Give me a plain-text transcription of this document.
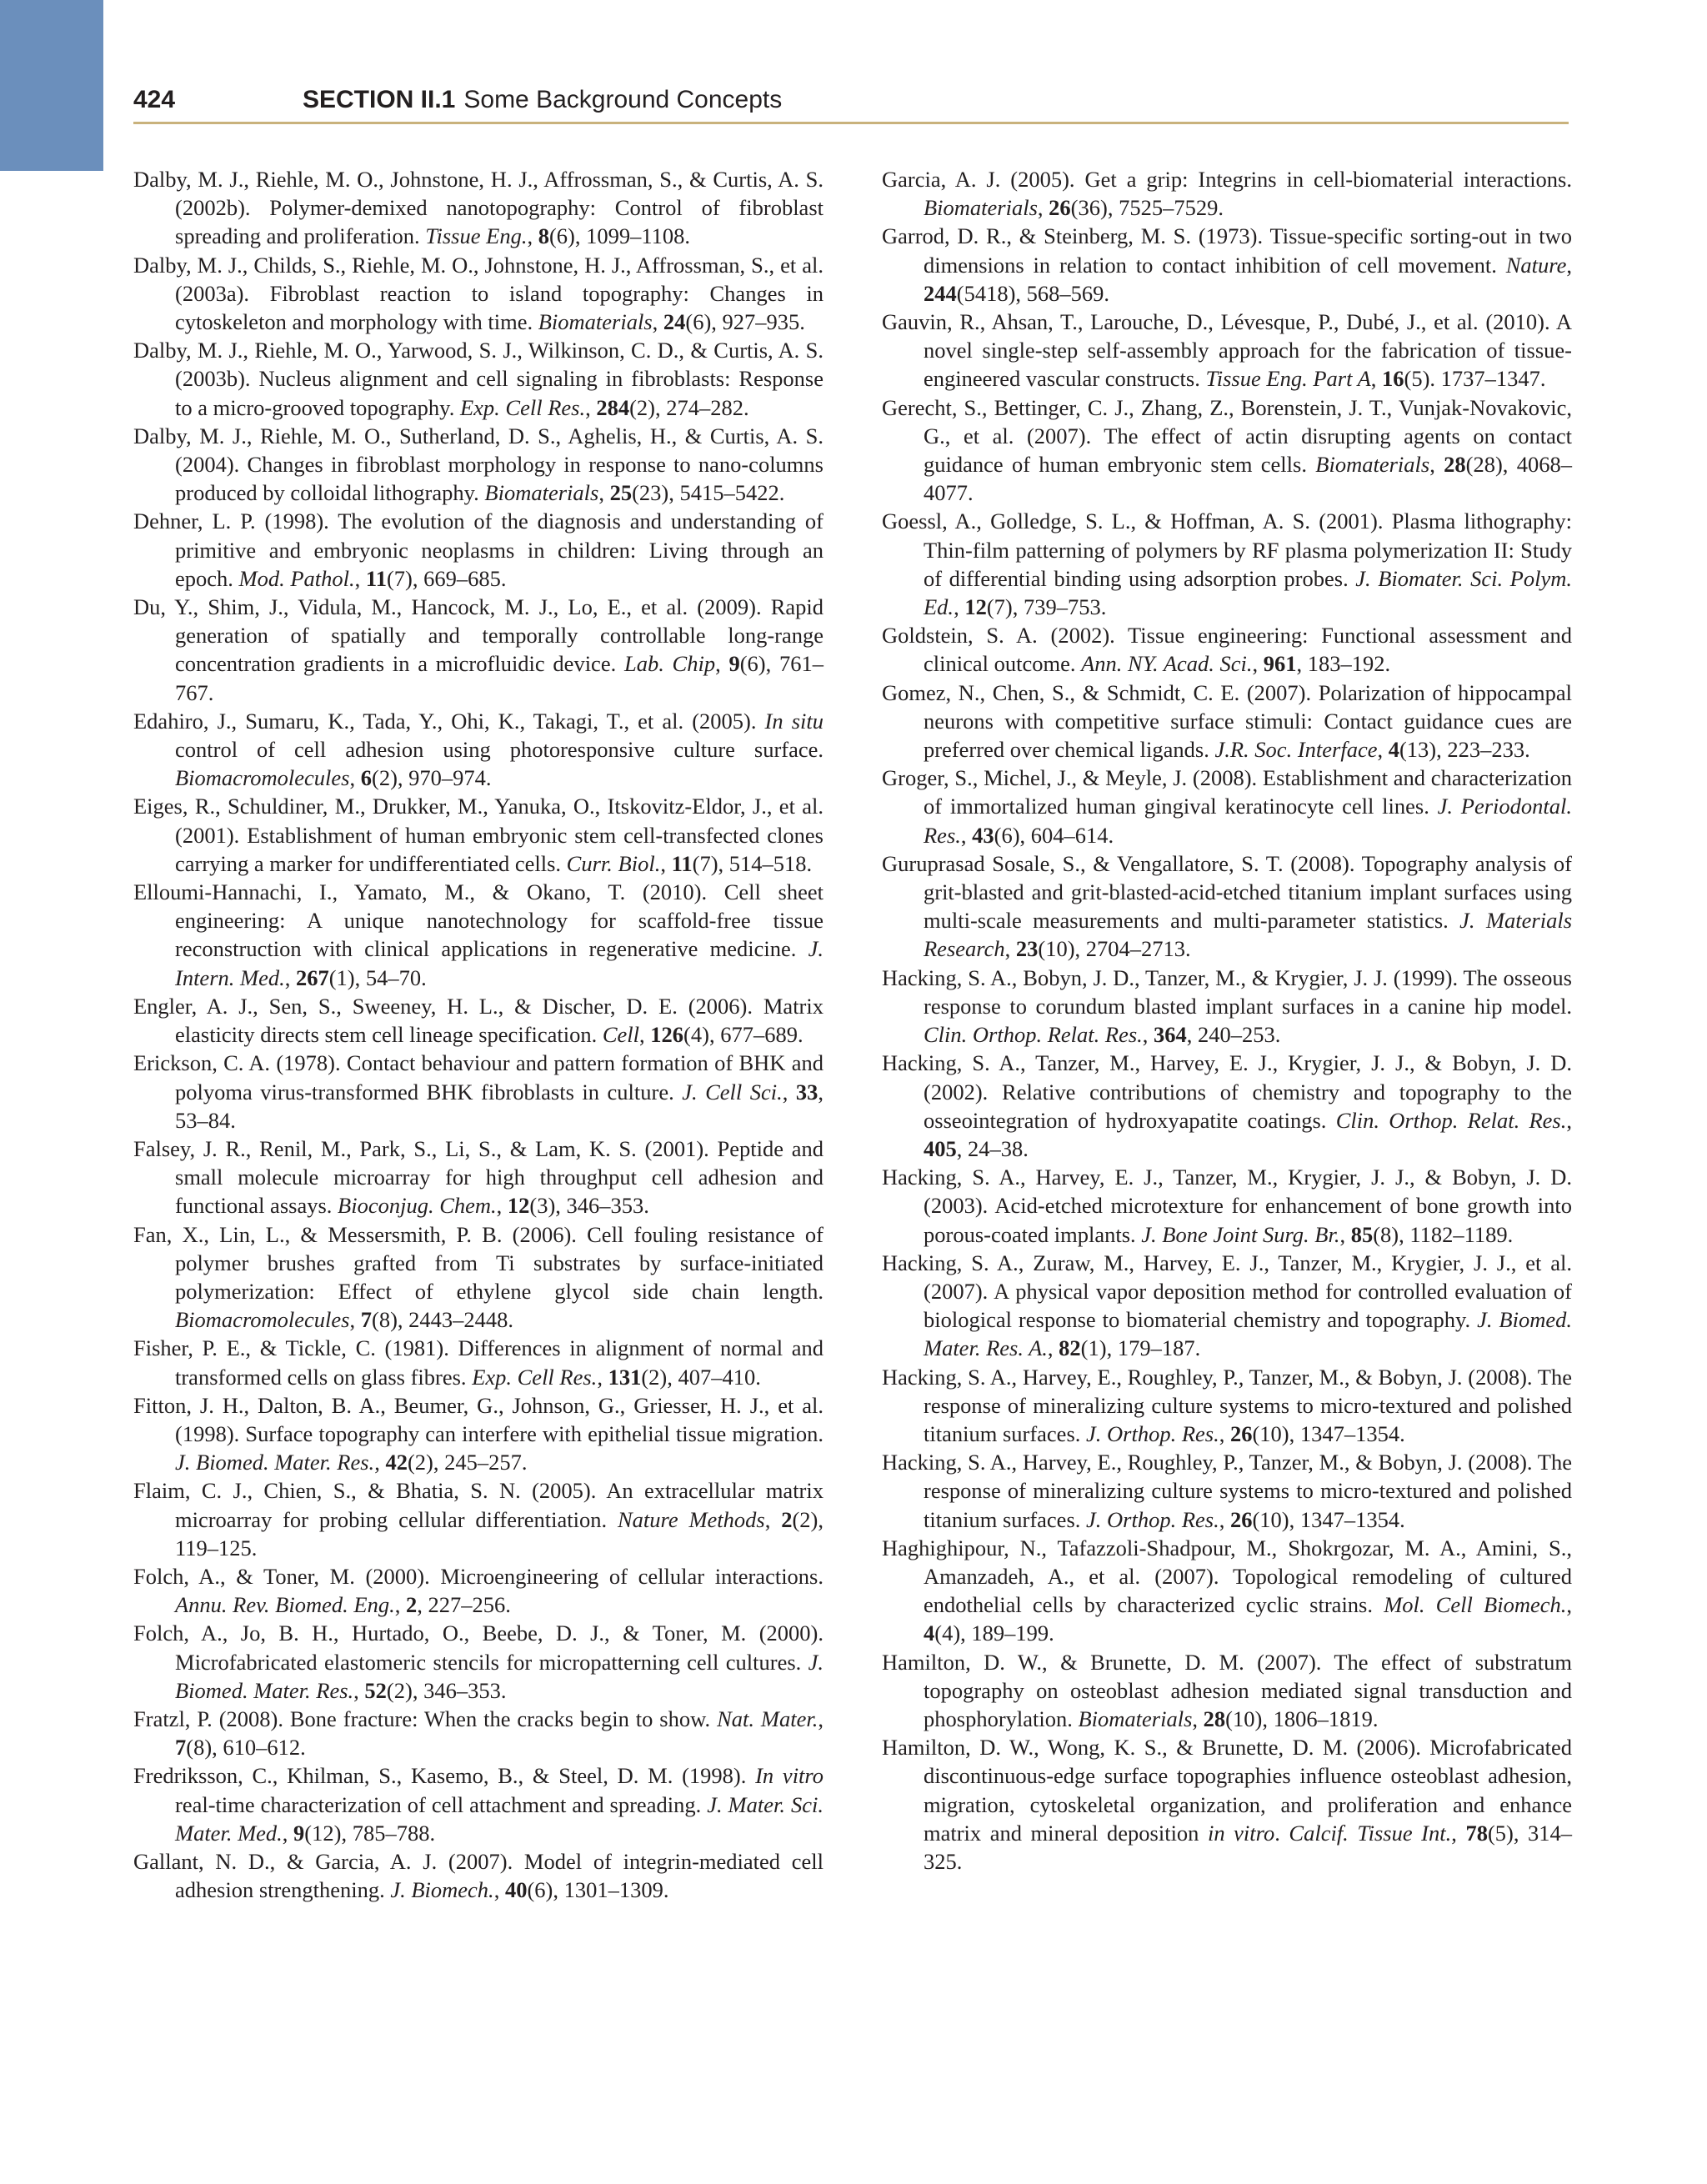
424	SECTION II.1 Some Background Concepts

Dalby, M. J., Riehle, M. O., Johnstone, H. J., Affrossman, S., & Curtis, A. S. (2002b). Polymer-demixed nanotopography: Control of fibroblast spreading and proliferation. Tissue Eng., 8(6), 1099–1108.

Dalby, M. J., Childs, S., Riehle, M. O., Johnstone, H. J., Affrossman, S., et al. (2003a). Fibroblast reaction to island topography: Changes in cytoskeleton and morphology with time. Biomaterials, 24(6), 927–935.

Dalby, M. J., Riehle, M. O., Yarwood, S. J., Wilkinson, C. D., & Curtis, A. S. (2003b). Nucleus alignment and cell signaling in fibroblasts: Response to a micro-grooved topography. Exp. Cell Res., 284(2), 274–282.

Dalby, M. J., Riehle, M. O., Sutherland, D. S., Aghelis, H., & Curtis, A. S. (2004). Changes in fibroblast morphology in response to nano-columns produced by colloidal lithography. Biomaterials, 25(23), 5415–5422.

Dehner, L. P. (1998). The evolution of the diagnosis and understanding of primitive and embryonic neoplasms in children: Living through an epoch. Mod. Pathol., 11(7), 669–685.

Du, Y., Shim, J., Vidula, M., Hancock, M. J., Lo, E., et al. (2009). Rapid generation of spatially and temporally controllable long-range concentration gradients in a microfluidic device. Lab. Chip, 9(6), 761–767.

Edahiro, J., Sumaru, K., Tada, Y., Ohi, K., Takagi, T., et al. (2005). In situ control of cell adhesion using photoresponsive culture surface. Biomacromolecules, 6(2), 970–974.

Eiges, R., Schuldiner, M., Drukker, M., Yanuka, O., Itskovitz-Eldor, J., et al. (2001). Establishment of human embryonic stem cell-transfected clones carrying a marker for undifferentiated cells. Curr. Biol., 11(7), 514–518.

Elloumi-Hannachi, I., Yamato, M., & Okano, T. (2010). Cell sheet engineering: A unique nanotechnology for scaffold-free tissue reconstruction with clinical applications in regenerative medicine. J. Intern. Med., 267(1), 54–70.

Engler, A. J., Sen, S., Sweeney, H. L., & Discher, D. E. (2006). Matrix elasticity directs stem cell lineage specification. Cell, 126(4), 677–689.

Erickson, C. A. (1978). Contact behaviour and pattern formation of BHK and polyoma virus-transformed BHK fibroblasts in culture. J. Cell Sci., 33, 53–84.

Falsey, J. R., Renil, M., Park, S., Li, S., & Lam, K. S. (2001). Peptide and small molecule microarray for high throughput cell adhesion and functional assays. Bioconjug. Chem., 12(3), 346–353.

Fan, X., Lin, L., & Messersmith, P. B. (2006). Cell fouling resistance of polymer brushes grafted from Ti substrates by surface-initiated polymerization: Effect of ethylene glycol side chain length. Biomacromolecules, 7(8), 2443–2448.

Fisher, P. E., & Tickle, C. (1981). Differences in alignment of normal and transformed cells on glass fibres. Exp. Cell Res., 131(2), 407–410.

Fitton, J. H., Dalton, B. A., Beumer, G., Johnson, G., Griesser, H. J., et al. (1998). Surface topography can interfere with epithelial tissue migration. J. Biomed. Mater. Res., 42(2), 245–257.

Flaim, C. J., Chien, S., & Bhatia, S. N. (2005). An extracellular matrix microarray for probing cellular differentiation. Nature Methods, 2(2), 119–125.

Folch, A., & Toner, M. (2000). Microengineering of cellular interactions. Annu. Rev. Biomed. Eng., 2, 227–256.

Folch, A., Jo, B. H., Hurtado, O., Beebe, D. J., & Toner, M. (2000). Microfabricated elastomeric stencils for micropatterning cell cultures. J. Biomed. Mater. Res., 52(2), 346–353.

Fratzl, P. (2008). Bone fracture: When the cracks begin to show. Nat. Mater., 7(8), 610–612.

Fredriksson, C., Khilman, S., Kasemo, B., & Steel, D. M. (1998). In vitro real-time characterization of cell attachment and spreading. J. Mater. Sci. Mater. Med., 9(12), 785–788.

Gallant, N. D., & Garcia, A. J. (2007). Model of integrin-mediated cell adhesion strengthening. J. Biomech., 40(6), 1301–1309.

Garcia, A. J. (2005). Get a grip: Integrins in cell-biomaterial interactions. Biomaterials, 26(36), 7525–7529.

Garrod, D. R., & Steinberg, M. S. (1973). Tissue-specific sorting-out in two dimensions in relation to contact inhibition of cell movement. Nature, 244(5418), 568–569.

Gauvin, R., Ahsan, T., Larouche, D., Lévesque, P., Dubé, J., et al. (2010). A novel single-step self-assembly approach for the fabrication of tissue-engineered vascular constructs. Tissue Eng. Part A, 16(5). 1737–1347.

Gerecht, S., Bettinger, C. J., Zhang, Z., Borenstein, J. T., Vunjak-Novakovic, G., et al. (2007). The effect of actin disrupting agents on contact guidance of human embryonic stem cells. Biomaterials, 28(28), 4068–4077.

Goessl, A., Golledge, S. L., & Hoffman, A. S. (2001). Plasma lithography: Thin-film patterning of polymers by RF plasma polymerization II: Study of differential binding using adsorption probes. J. Biomater. Sci. Polym. Ed., 12(7), 739–753.

Goldstein, S. A. (2002). Tissue engineering: Functional assessment and clinical outcome. Ann. NY. Acad. Sci., 961, 183–192.

Gomez, N., Chen, S., & Schmidt, C. E. (2007). Polarization of hippocampal neurons with competitive surface stimuli: Contact guidance cues are preferred over chemical ligands. J.R. Soc. Interface, 4(13), 223–233.

Groger, S., Michel, J., & Meyle, J. (2008). Establishment and characterization of immortalized human gingival keratinocyte cell lines. J. Periodontal. Res., 43(6), 604–614.

Guruprasad Sosale, S., & Vengallatore, S. T. (2008). Topography analysis of grit-blasted and grit-blasted-acid-etched titanium implant surfaces using multi-scale measurements and multi-parameter statistics. J. Materials Research, 23(10), 2704–2713.

Hacking, S. A., Bobyn, J. D., Tanzer, M., & Krygier, J. J. (1999). The osseous response to corundum blasted implant surfaces in a canine hip model. Clin. Orthop. Relat. Res., 364, 240–253.

Hacking, S. A., Tanzer, M., Harvey, E. J., Krygier, J. J., & Bobyn, J. D. (2002). Relative contributions of chemistry and topography to the osseointegration of hydroxyapatite coatings. Clin. Orthop. Relat. Res., 405, 24–38.

Hacking, S. A., Harvey, E. J., Tanzer, M., Krygier, J. J., & Bobyn, J. D. (2003). Acid-etched microtexture for enhancement of bone growth into porous-coated implants. J. Bone Joint Surg. Br., 85(8), 1182–1189.

Hacking, S. A., Zuraw, M., Harvey, E. J., Tanzer, M., Krygier, J. J., et al. (2007). A physical vapor deposition method for controlled evaluation of biological response to biomaterial chemistry and topography. J. Biomed. Mater. Res. A., 82(1), 179–187.

Hacking, S. A., Harvey, E., Roughley, P., Tanzer, M., & Bobyn, J. (2008). The response of mineralizing culture systems to micro-textured and polished titanium surfaces. J. Orthop. Res., 26(10), 1347–1354.

Hacking, S. A., Harvey, E., Roughley, P., Tanzer, M., & Bobyn, J. (2008). The response of mineralizing culture systems to micro-textured and polished titanium surfaces. J. Orthop. Res., 26(10), 1347–1354.

Haghighipour, N., Tafazzoli-Shadpour, M., Shokrgozar, M. A., Amini, S., Amanzadeh, A., et al. (2007). Topological remodeling of cultured endothelial cells by characterized cyclic strains. Mol. Cell Biomech., 4(4), 189–199.

Hamilton, D. W., & Brunette, D. M. (2007). The effect of substratum topography on osteoblast adhesion mediated signal transduction and phosphorylation. Biomaterials, 28(10), 1806–1819.

Hamilton, D. W., Wong, K. S., & Brunette, D. M. (2006). Microfabricated discontinuous-edge surface topographies influence osteoblast adhesion, migration, cytoskeletal organization, and proliferation and enhance matrix and mineral deposition in vitro. Calcif. Tissue Int., 78(5), 314–325.
